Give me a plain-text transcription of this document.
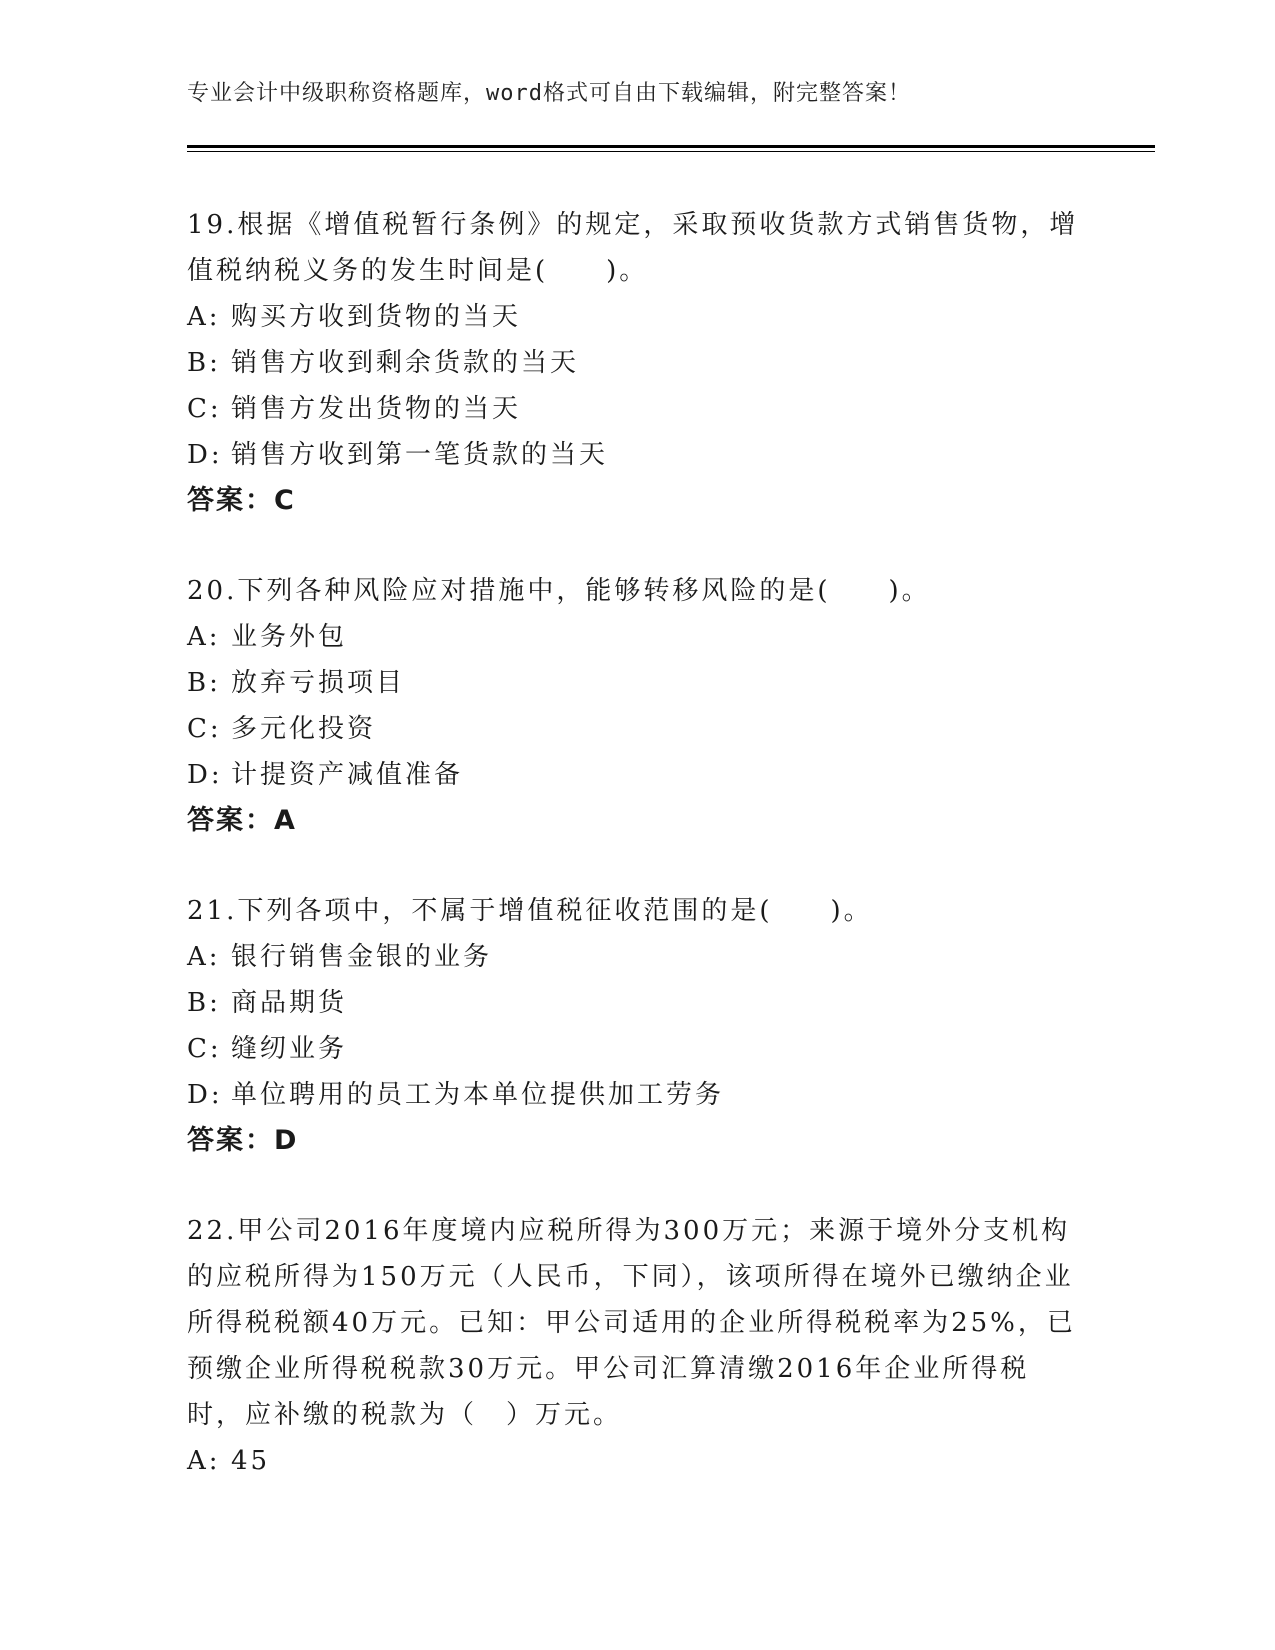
专业会计中级职称资格题库，word格式可自由下载编辑，附完整答案！
19.根据《增值税暂行条例》的规定，采取预收货款方式销售货物，增值税纳税义务的发生时间是(　　)。
A: 购买方收到货物的当天
B: 销售方收到剩余货款的当天
C: 销售方发出货物的当天
D: 销售方收到第一笔货款的当天
答案：C
20.下列各种风险应对措施中，能够转移风险的是(　　)。
A: 业务外包
B: 放弃亏损项目
C: 多元化投资
D: 计提资产减值准备
答案：A
21.下列各项中，不属于增值税征收范围的是(　　)。
A: 银行销售金银的业务
B: 商品期货
C: 缝纫业务
D: 单位聘用的员工为本单位提供加工劳务
答案：D
22.甲公司2016年度境内应税所得为300万元；来源于境外分支机构的应税所得为150万元（人民币，下同），该项所得在境外已缴纳企业所得税税额40万元。已知：甲公司适用的企业所得税税率为25%，已预缴企业所得税税款30万元。甲公司汇算清缴2016年企业所得税时，应补缴的税款为（　）万元。
A: 45
